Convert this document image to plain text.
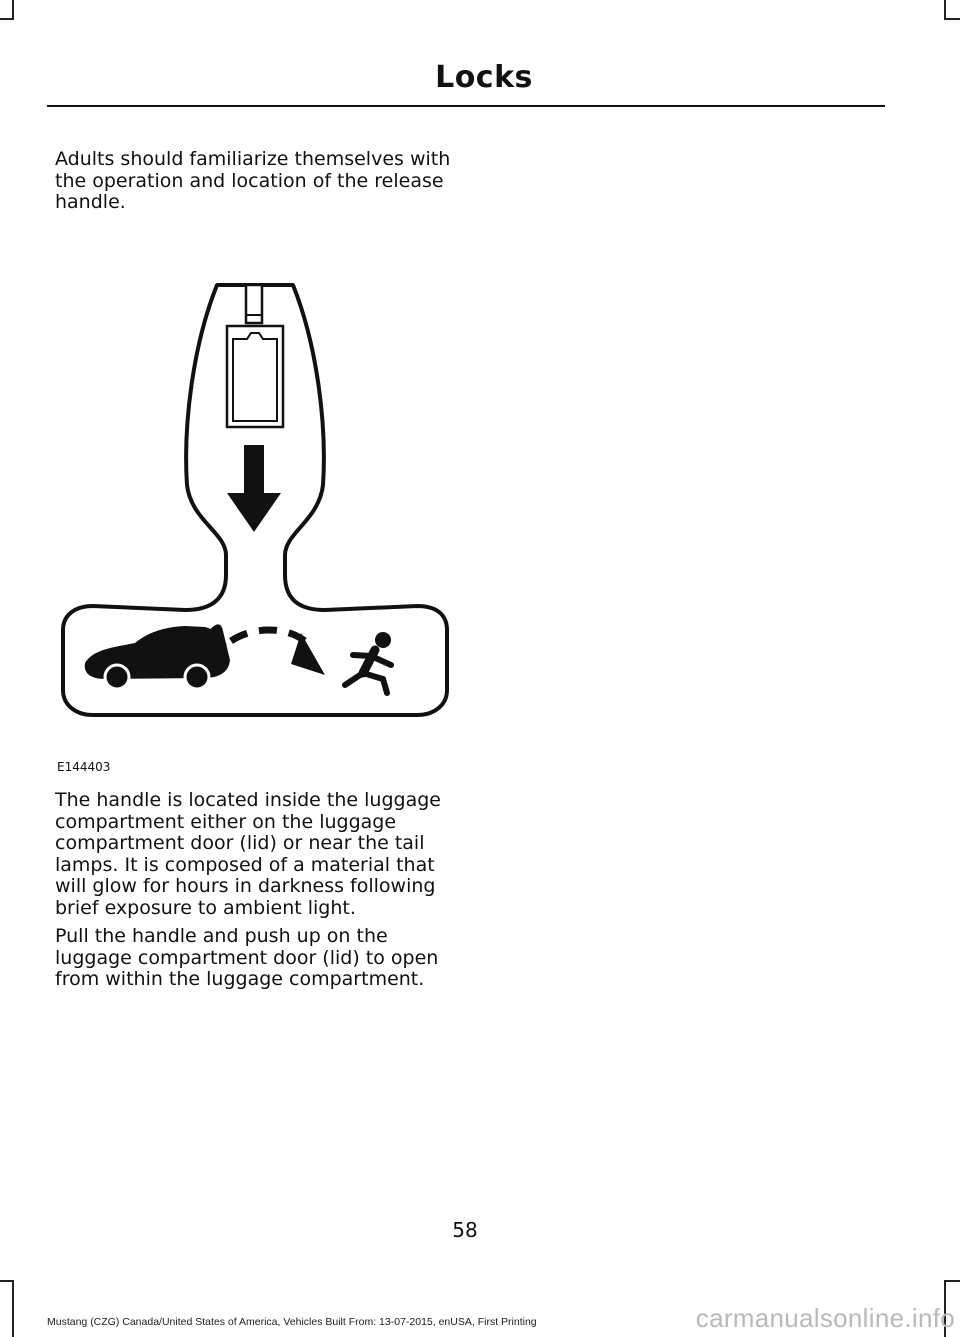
Locks

Adults should familiarize themselves with the operation and location of the release handle.

E144403

The handle is located inside the luggage compartment either on the luggage compartment door (lid) or near the tail lamps. It is composed of a material that will glow for hours in darkness following brief exposure to ambient light.

Pull the handle and push up on the luggage compartment door (lid) to open from within the luggage compartment.

58
Mustang (CZG) Canada/United States of America, Vehicles Built From: 13-07-2015, enUSA, First Printing	carmanualsonline.info
